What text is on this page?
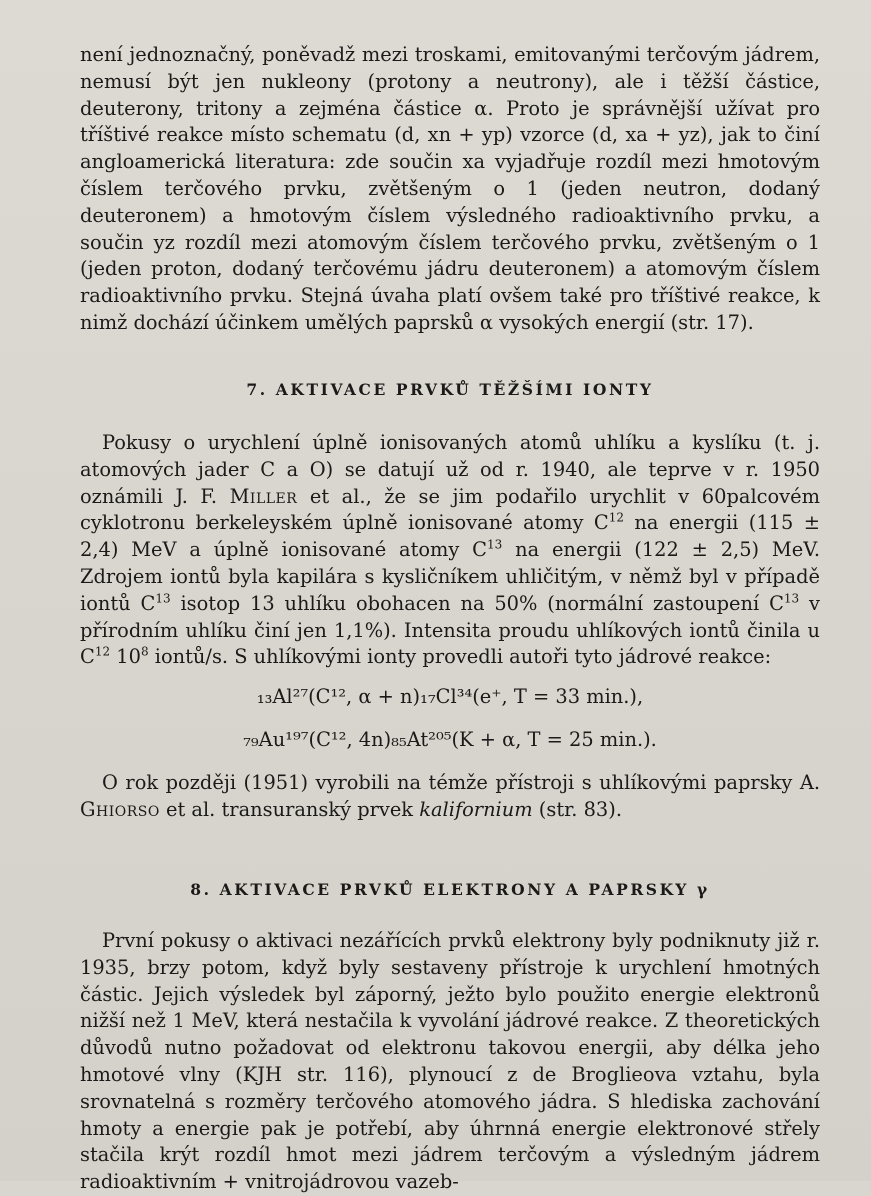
není jednoznačný, poněvadž mezi troskami, emitovanými terčovým jádrem, nemusí být jen nukleony (protony a neutrony), ale i těžší částice, deuterony, tritony a zejména částice α. Proto je správnější užívat pro tříštivé reakce místo schematu (d, xn + yp) vzorce (d, xa + yz), jak to činí angloamerická literatura: zde součin xa vyjadřuje rozdíl mezi hmotovým číslem terčového prvku, zvětšeným o 1 (jeden neutron, dodaný deuteronem) a hmotovým číslem výsledného radioaktivního prvku, a součin yz rozdíl mezi atomovým číslem terčového prvku, zvětšeným o 1 (jeden proton, dodaný terčovému jádru deuteronem) a atomovým číslem radioaktivního prvku. Stejná úvaha platí ovšem také pro tříštivé reakce, k nimž dochází účinkem umělých paprsků α vysokých energií (str. 17).

7. AKTIVACE PRVKŮ TĚŽŠÍMI IONTY

Pokusy o urychlení úplně ionisovaných atomů uhlíku a kyslíku (t. j. atomových jader C a O) se datují už od r. 1940, ale teprve v r. 1950 oznámili J. F. Miller et al., že se jim podařilo urychlit v 60palcovém cyklotronu berkeleyském úplně ionisované atomy $C^{12}$ na energii (115 ± 2,4) MeV a úplně ionisované atomy $C^{13}$ na energii (122 ± 2,5) MeV. Zdrojem iontů byla kapilára s kysličníkem uhličitým, v němž byl v případě iontů $C^{13}$ isotop 13 uhlíku obohacen na 50% (normální zastoupení $C^{13}$ v přírodním uhlíku činí jen 1,1%). Intensita proudu uhlíkových iontů činila u $C^{12}$ $10^8$ iontů/s. S uhlíkovými ionty provedli autoři tyto jádrové reakce:

₁₃Al²⁷(C¹², α + n)₁₇Cl³⁴(e⁺, T = 33 min.),

₇₉Au¹⁹⁷(C¹², 4n)₈₅At²⁰⁵(K + α, T = 25 min.).

O rok později (1951) vyrobili na témže přístroji s uhlíkovými paprsky A. Ghiorso et al. transuranský prvek kalifornium (str. 83).

8. AKTIVACE PRVKŮ ELEKTRONY A PAPRSKY γ

První pokusy o aktivaci nezářících prvků elektrony byly podniknuty již r. 1935, brzy potom, když byly sestaveny přístroje k urychlení hmotných částic. Jejich výsledek byl záporný, ježto bylo použito energie elektronů nižší než 1 MeV, která nestačila k vyvolání jádrové reakce. Z theoretických důvodů nutno požadovat od elektronu takovou energii, aby délka jeho hmotové vlny (KJH str. 116), plynoucí z de Broglieova vztahu, byla srovnatelná s rozměry terčového atomového jádra. S hlediska zachování hmoty a energie pak je potřebí, aby úhrnná energie elektronové střely stačila krýt rozdíl hmot mezi jádrem terčovým a výsledným jádrem radioaktivním + vnitrojádrovou vazeb-
